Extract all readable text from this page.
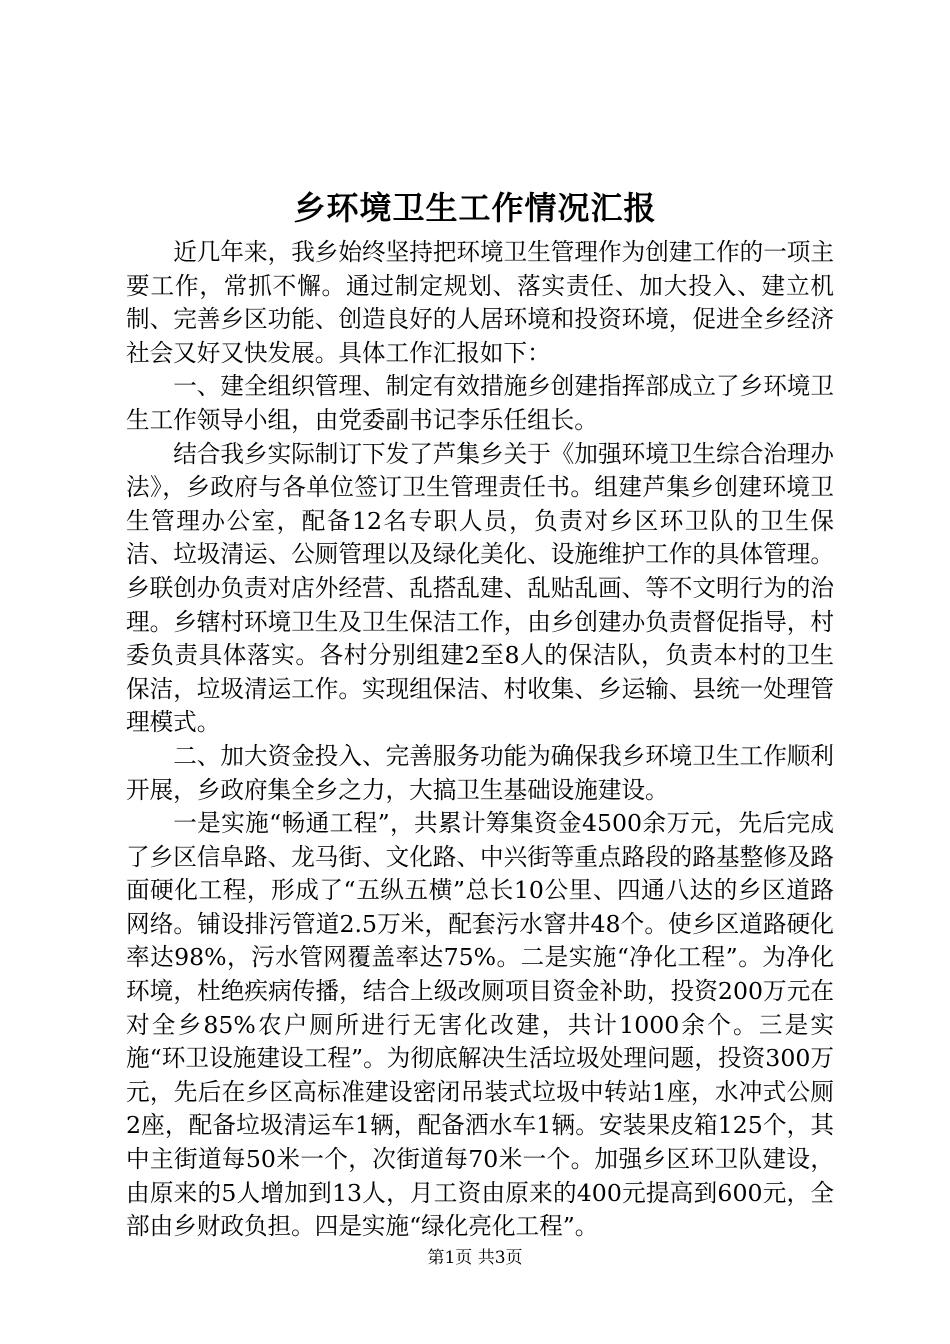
乡环境卫生工作情况汇报

近几年来，我乡始终坚持把环境卫生管理作为创建工作的一项主要工作，常抓不懈。通过制定规划、落实责任、加大投入、建立机制、完善乡区功能、创造良好的人居环境和投资环境，促进全乡经济社会又好又快发展。具体工作汇报如下：

一、建全组织管理、制定有效措施乡创建指挥部成立了乡环境卫生工作领导小组，由党委副书记李乐任组长。

结合我乡实际制订下发了芦集乡关于《加强环境卫生综合治理办法》，乡政府与各单位签订卫生管理责任书。组建芦集乡创建环境卫生管理办公室，配备12名专职人员，负责对乡区环卫队的卫生保洁、垃圾清运、公厕管理以及绿化美化、设施维护工作的具体管理。乡联创办负责对店外经营、乱搭乱建、乱贴乱画、等不文明行为的治理。乡辖村环境卫生及卫生保洁工作，由乡创建办负责督促指导，村委负责具体落实。各村分别组建2至8人的保洁队，负责本村的卫生保洁，垃圾清运工作。实现组保洁、村收集、乡运输、县统一处理管理模式。

二、加大资金投入、完善服务功能为确保我乡环境卫生工作顺利开展，乡政府集全乡之力，大搞卫生基础设施建设。

一是实施“畅通工程”，共累计筹集资金4500余万元，先后完成了乡区信阜路、龙马街、文化路、中兴街等重点路段的路基整修及路面硬化工程，形成了“五纵五横”总长10公里、四通八达的乡区道路网络。铺设排污管道2.5万米，配套污水窨井48个。使乡区道路硬化率达98%，污水管网覆盖率达75%。二是实施“净化工程”。为净化环境，杜绝疾病传播，结合上级改厕项目资金补助，投资200万元在对全乡85%农户厕所进行无害化改建，共计1000余个。三是实施“环卫设施建设工程”。为彻底解决生活垃圾处理问题，投资300万元，先后在乡区高标准建设密闭吊装式垃圾中转站1座，水冲式公厕2座，配备垃圾清运车1辆，配备洒水车1辆。安装果皮箱125个，其中主街道每50米一个，次街道每70米一个。加强乡区环卫队建设，由原来的5人增加到13人，月工资由原来的400元提高到600元，全部由乡财政负担。四是实施“绿化亮化工程”。

第1页 共3页
